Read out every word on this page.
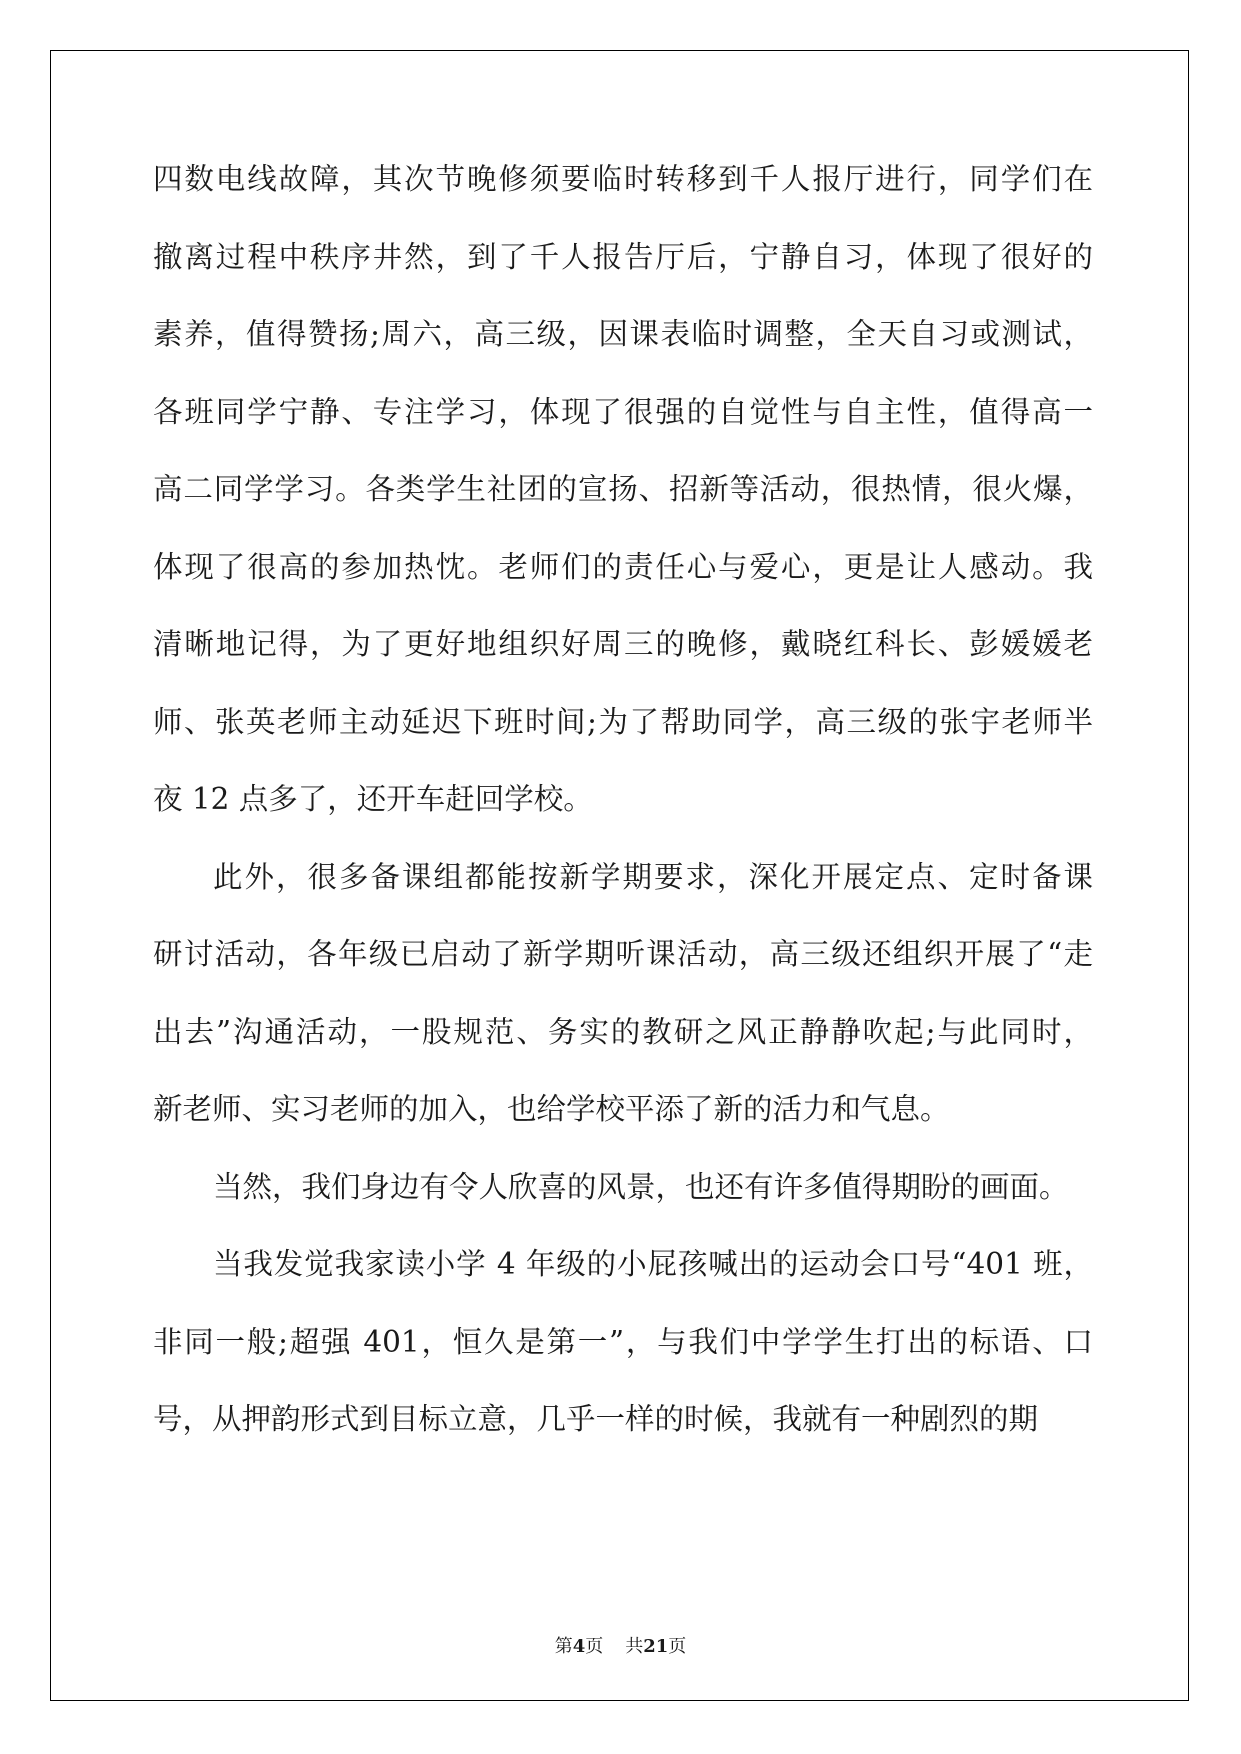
四数电线故障，其次节晚修须要临时转移到千人报厅进行，同学们在
撤离过程中秩序井然，到了千人报告厅后，宁静自习，体现了很好的
素养，值得赞扬;周六，高三级，因课表临时调整，全天自习或测试，
各班同学宁静、专注学习，体现了很强的自觉性与自主性，值得高一
高二同学学习。各类学生社团的宣扬、招新等活动，很热情，很火爆，
体现了很高的参加热忱。老师们的责任心与爱心，更是让人感动。我
清晰地记得，为了更好地组织好周三的晚修，戴晓红科长、彭媛媛老
师、张英老师主动延迟下班时间;为了帮助同学，高三级的张宇老师半
夜 12 点多了，还开车赶回学校。
此外，很多备课组都能按新学期要求，深化开展定点、定时备课
研讨活动，各年级已启动了新学期听课活动，高三级还组织开展了“走
出去”沟通活动，一股规范、务实的教研之风正静静吹起;与此同时，
新老师、实习老师的加入，也给学校平添了新的活力和气息。
当然，我们身边有令人欣喜的风景，也还有许多值得期盼的画面。
当我发觉我家读小学 4 年级的小屁孩喊出的运动会口号“401 班，
非同一般;超强 401，恒久是第一”，与我们中学学生打出的标语、口
号，从押韵形式到目标立意，几乎一样的时候，我就有一种剧烈的期
第4页 共21页
